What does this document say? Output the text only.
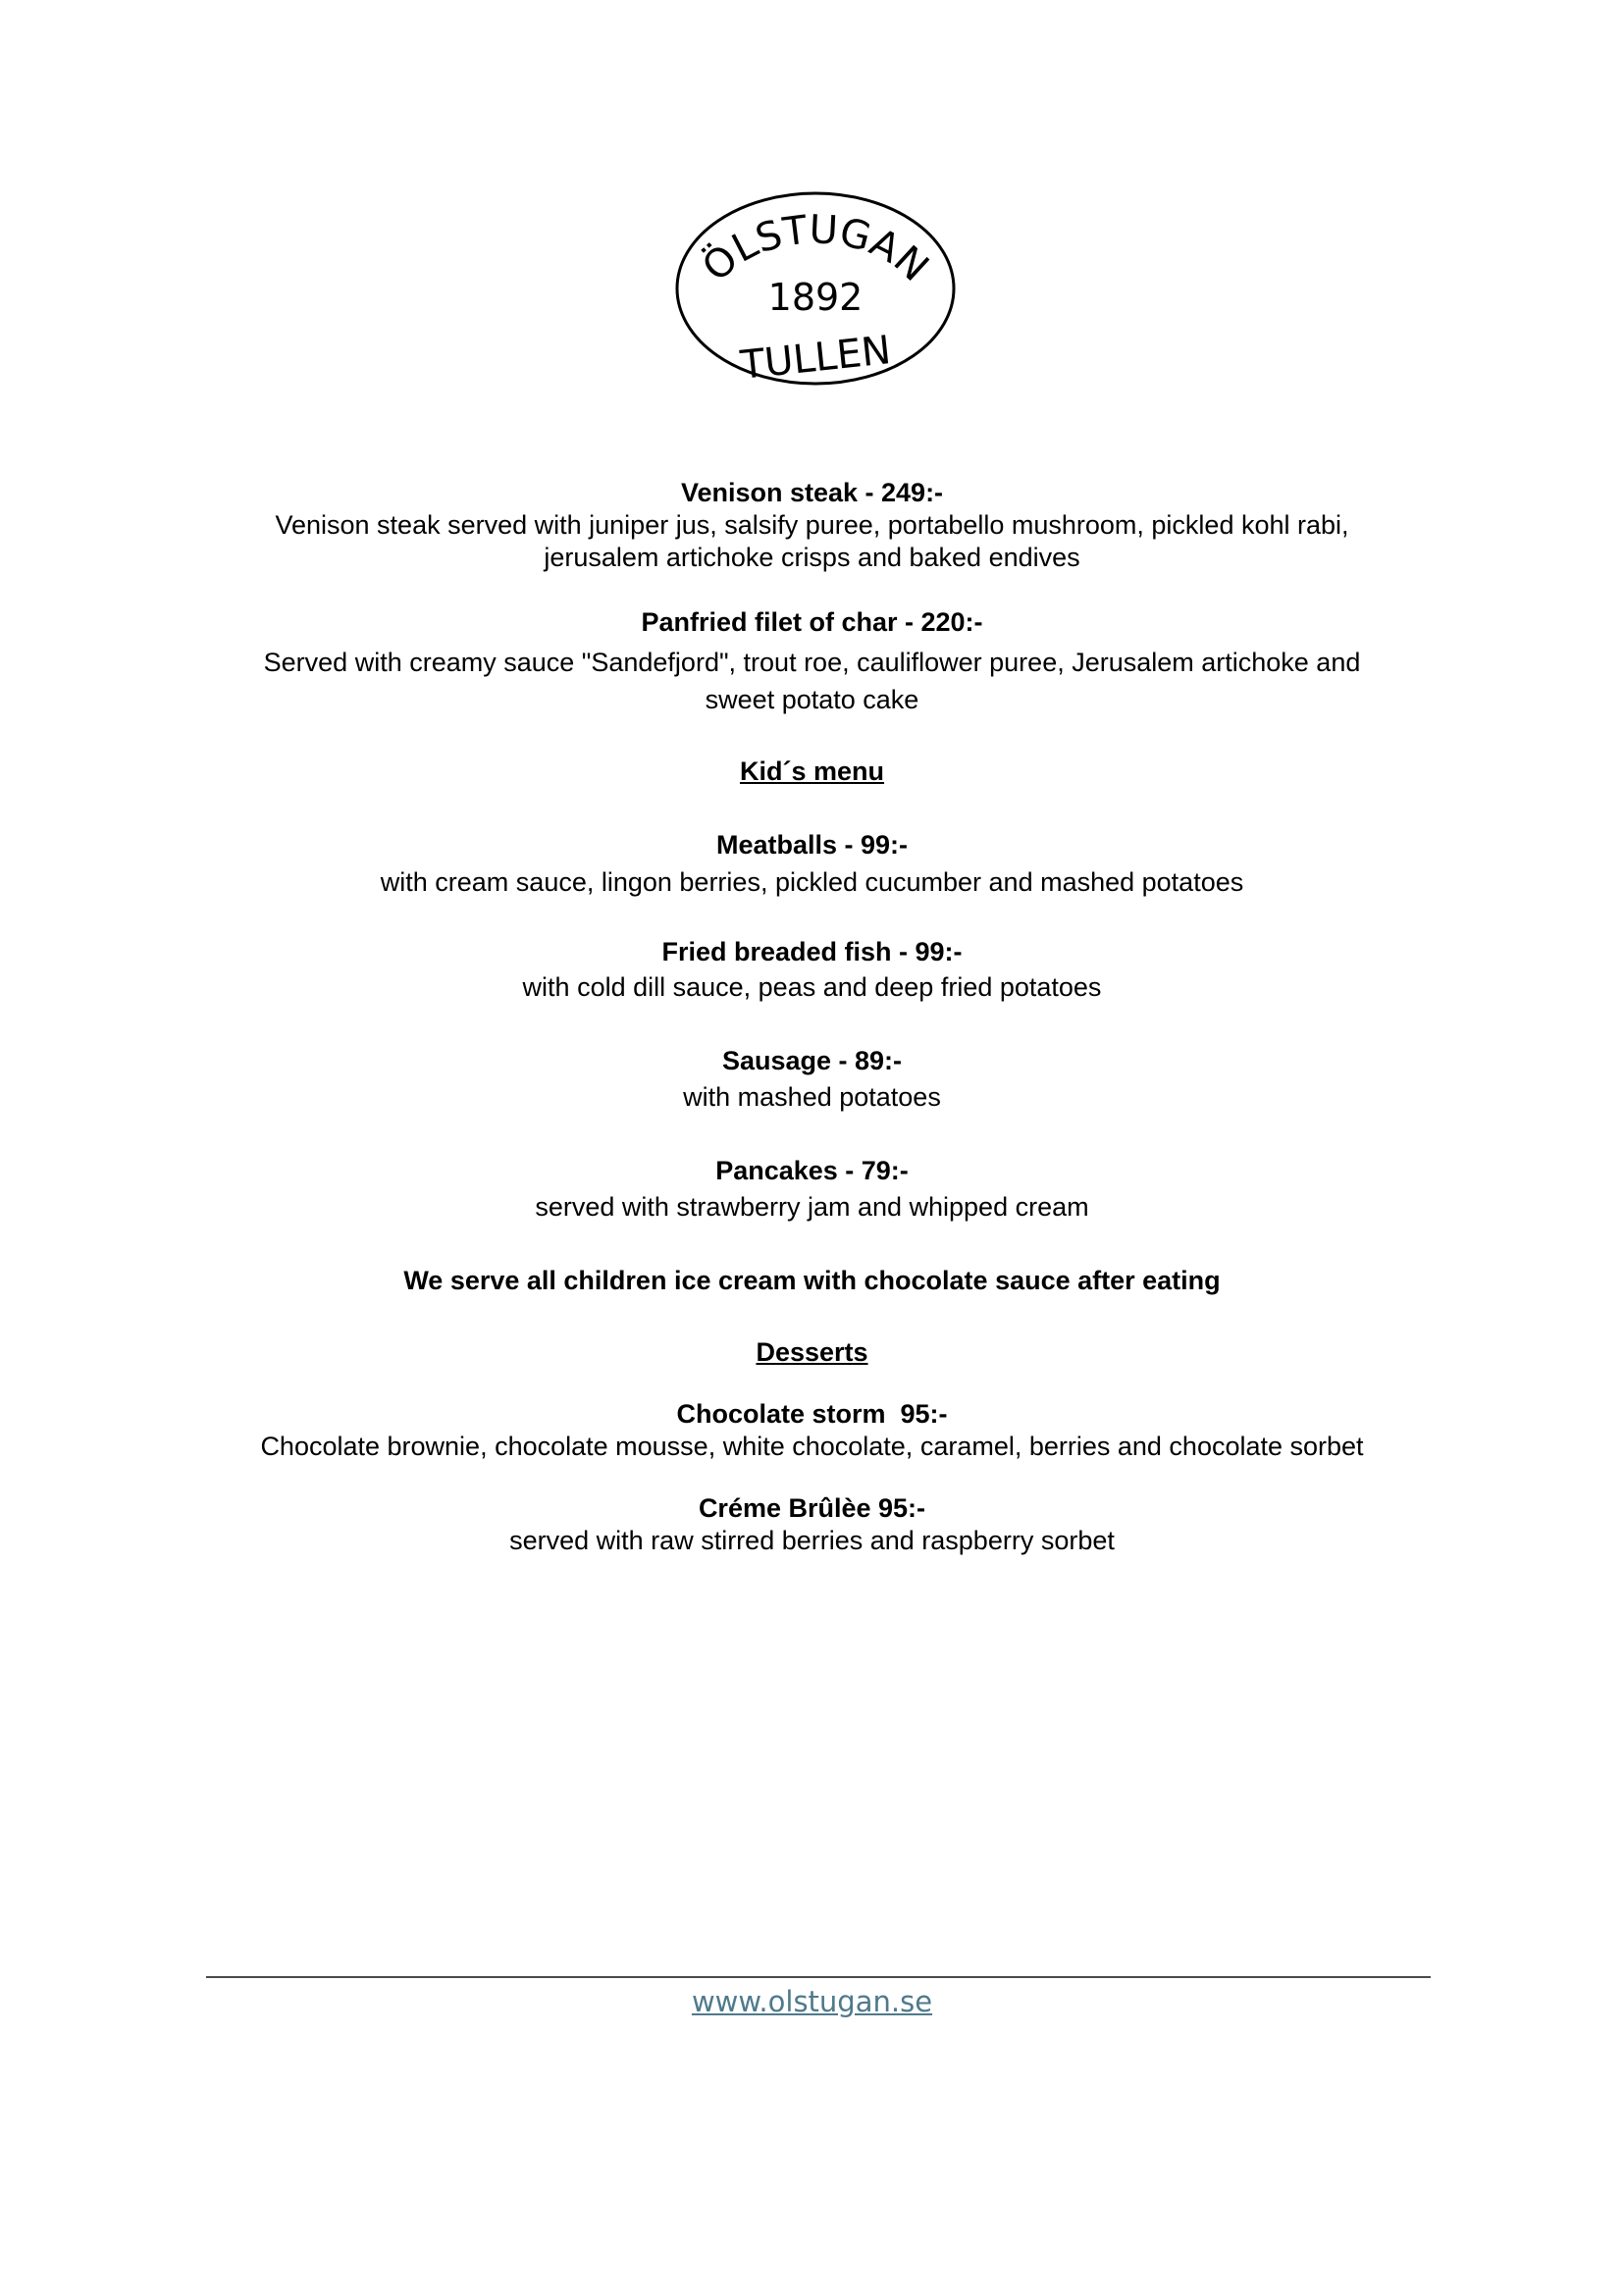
ÖLSTUGAN
1892
TULLEN

Venison steak - 249:-

Venison steak served with juniper jus, salsify puree, portabello mushroom, pickled kohl rabi, jerusalem artichoke crisps and baked endives

Panfried filet of char - 220:-

Served with creamy sauce "Sandefjord", trout roe, cauliflower puree, Jerusalem artichoke and sweet potato cake

Kid´s menu

Meatballs - 99:-

with cream sauce, lingon berries, pickled cucumber and mashed potatoes

Fried breaded fish - 99:-

with cold dill sauce, peas and deep fried potatoes

Sausage - 89:-

with mashed potatoes

Pancakes - 79:-

served with strawberry jam and whipped cream

We serve all children ice cream with chocolate sauce after eating

Desserts

Chocolate storm  95:-

Chocolate brownie, chocolate mousse, white chocolate, caramel, berries and chocolate sorbet

Créme Brûlèe 95:-

served with raw stirred berries and raspberry sorbet

www.olstugan.se
